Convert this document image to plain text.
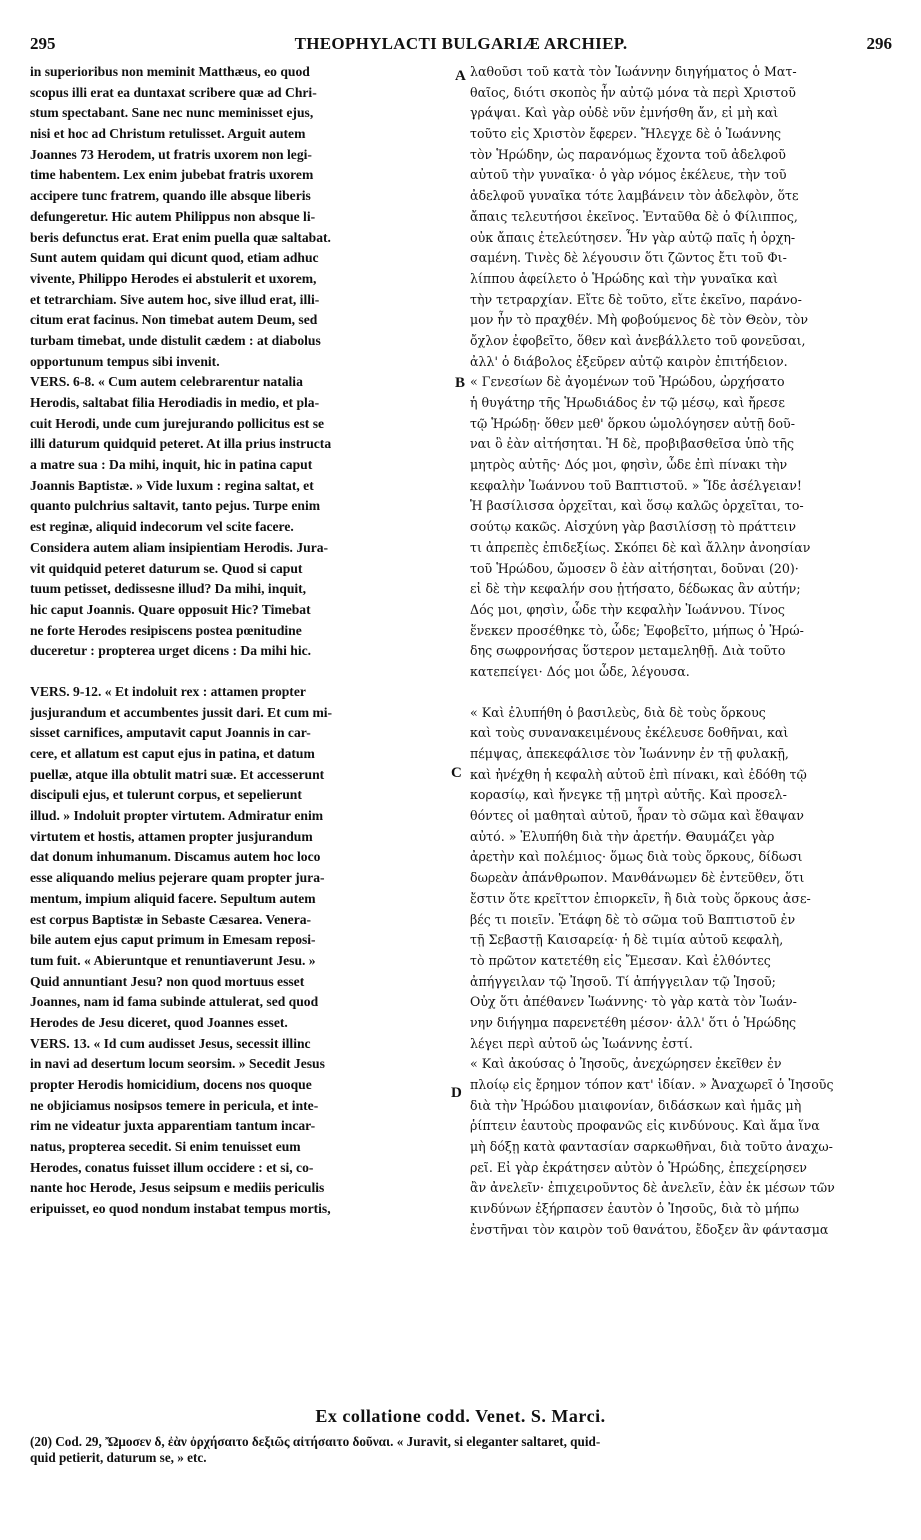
295	THEOPHYLACTI BULGARIÆ ARCHIEP.	296
A
B
C
D
in superioribus non meminit Matthæus, eo quod
scopus illi erat ea duntaxat scribere quæ ad Chri-
stum spectabant. Sane nec nunc meminisset ejus,
nisi et hoc ad Christum retulisset. Arguit autem
Joannes 73 Herodem, ut fratris uxorem non legi-
time habentem. Lex enim jubebat fratris uxorem
accipere tunc fratrem, quando ille absque liberis
defungeretur. Hic autem Philippus non absque li-
beris defunctus erat. Erat enim puella quæ saltabat.
Sunt autem quidam qui dicunt quod, etiam adhuc
vivente, Philippo Herodes ei abstulerit et uxorem,
et tetrarchiam. Sive autem hoc, sive illud erat, illi-
citum erat facinus. Non timebat autem Deum, sed
turbam timebat, unde distulit cædem : at diabolus
opportunum tempus sibi invenit.
VERS. 6-8. « Cum autem celebrarentur natalia
Herodis, saltabat filia Herodiadis in medio, et pla-
cuit Herodi, unde cum jurejurando pollicitus est se
illi daturum quidquid peteret. At illa prius instructa
a matre sua : Da mihi, inquit, hic in patina caput
Joannis Baptistæ. » Vide luxum : regina saltat, et
quanto pulchrius saltavit, tanto pejus. Turpe enim
est reginæ, aliquid indecorum vel scite facere.
Considera autem aliam insipientiam Herodis. Jura-
vit quidquid peteret daturum se. Quod si caput
tuum petisset, dedissesne illud? Da mihi, inquit,
hic caput Joannis. Quare opposuit Hic? Timebat
ne forte Herodes resipiscens postea pœnitudine
duceretur : propterea urget dicens : Da mihi hic.
VERS. 9-12. « Et indoluit rex : attamen propter
jusjurandum et accumbentes jussit dari. Et cum mi-
sisset carnifices, amputavit caput Joannis in car-
cere, et allatum est caput ejus in patina, et datum
puellæ, atque illa obtulit matri suæ. Et accesserunt
discipuli ejus, et tulerunt corpus, et sepelierunt
illud. » Indoluit propter virtutem. Admiratur enim
virtutem et hostis, attamen propter jusjurandum
dat donum inhumanum. Discamus autem hoc loco
esse aliquando melius pejerare quam propter jura-
mentum, impium aliquid facere. Sepultum autem
est corpus Baptistæ in Sebaste Cæsarea. Venera-
bile autem ejus caput primum in Emesam reposi-
tum fuit. « Abieruntque et renuntiaverunt Jesu. »
Quid annuntiant Jesu? non quod mortuus esset
Joannes, nam id fama subinde attulerat, sed quod
Herodes de Jesu diceret, quod Joannes esset.
VERS. 13. « Id cum audisset Jesus, secessit illinc
in navi ad desertum locum seorsim. » Secedit Jesus
propter Herodis homicidium, docens nos quoque
ne objiciamus nosipsos temere in pericula, et inte-
rim ne videatur juxta apparentiam tantum incar-
natus, propterea secedit. Si enim tenuisset eum
Herodes, conatus fuisset illum occidere : et si, co-
nante hoc Herode, Jesus seipsum e mediis periculis
eripuisset, eo quod nondum instabat tempus mortis,
λαθοῦσι τοῦ κατὰ τὸν Ἰωάννην διηγήματος ὁ Ματ-
θαῖος, διότι σκοπὸς ἦν αὐτῷ μόνα τὰ περὶ Χριστοῦ
γράψαι. Καὶ γὰρ οὐδὲ νῦν ἐμνήσθη ἄν, εἰ μὴ καὶ
τοῦτο εἰς Χριστὸν ἔφερεν. Ἤλεγχε δὲ ὁ Ἰωάννης
τὸν Ἡρώδην, ὡς παρανόμως ἔχοντα τοῦ ἀδελφοῦ
αὐτοῦ τὴν γυναῖκα· ὁ γὰρ νόμος ἐκέλευε, τὴν τοῦ
ἀδελφοῦ γυναῖκα τότε λαμβάνειν τὸν ἀδελφὸν, ὅτε
ἄπαις τελευτήσοι ἐκεῖνος. Ἐνταῦθα δὲ ὁ Φίλιππος,
οὐκ ἄπαις ἐτελεύτησεν. Ἦν γὰρ αὐτῷ παῖς ἡ ὀρχη-
σαμένη. Τινὲς δὲ λέγουσιν ὅτι ζῶντος ἔτι τοῦ Φι-
λίππου ἀφείλετο ὁ Ἡρώδης καὶ τὴν γυναῖκα καὶ
τὴν τετραρχίαν. Εἴτε δὲ τοῦτο, εἴτε ἐκεῖνο, παράνο-
μον ἦν τὸ πραχθέν. Μὴ φοβούμενος δὲ τὸν Θεὸν, τὸν
ὄχλον ἐφοβεῖτο, ὅθεν καὶ ἀνεβάλλετο τοῦ φονεῦσαι,
ἀλλ' ὁ διάβολος ἐξεῦρεν αὐτῷ καιρὸν ἐπιτήδειον.
« Γενεσίων δὲ ἀγομένων τοῦ Ἡρώδου, ὠρχήσατο
ἡ θυγάτηρ τῆς Ἡρωδιάδος ἐν τῷ μέσῳ, καὶ ἤρεσε
τῷ Ἡρώδῃ· ὅθεν μεθ' ὅρκου ὡμολόγησεν αὐτῇ δοῦ-
ναι ὃ ἐὰν αἰτήσηται. Ἡ δὲ, προβιβασθεῖσα ὑπὸ τῆς
μητρὸς αὐτῆς· Δός μοι, φησὶν, ὧδε ἐπὶ πίνακι τὴν
κεφαλὴν Ἰωάννου τοῦ Βαπτιστοῦ. » Ἴδε ἀσέλγειαν!
Ἡ βασίλισσα ὀρχεῖται, καὶ ὅσῳ καλῶς ὀρχεῖται, το-
σούτῳ κακῶς. Αἰσχύνη γὰρ βασιλίσσῃ τὸ πράττειν
τι ἀπρεπὲς ἐπιδεξίως. Σκόπει δὲ καὶ ἄλλην ἀνοησίαν
τοῦ Ἡρώδου, ὤμοσεν ὃ ἐὰν αἰτήσηται, δοῦναι (20)·
εἰ δὲ τὴν κεφαλήν σου ᾐτήσατο, δέδωκας ἂν αὐτήν;
Δός μοι, φησὶν, ὧδε τὴν κεφαλὴν Ἰωάννου. Τίνος
ἕνεκεν προσέθηκε τὸ, ὧδε; Ἐφοβεῖτο, μήπως ὁ Ἡρώ-
δης σωφρονήσας ὕστερον μεταμεληθῇ. Διὰ τοῦτο
κατεπείγει· Δός μοι ὧδε, λέγουσα.
« Καὶ ἐλυπήθη ὁ βασιλεὺς, διὰ δὲ τοὺς ὅρκους
καὶ τοὺς συνανακειμένους ἐκέλευσε δοθῆναι, καὶ
πέμψας, ἀπεκεφάλισε τὸν Ἰωάννην ἐν τῇ φυλακῇ,
καὶ ἠνέχθη ἡ κεφαλὴ αὐτοῦ ἐπὶ πίνακι, καὶ ἐδόθη τῷ
κορασίῳ, καὶ ἤνεγκε τῇ μητρὶ αὐτῆς. Καὶ προσελ-
θόντες οἱ μαθηταὶ αὐτοῦ, ἦραν τὸ σῶμα καὶ ἔθαψαν
αὐτό. » Ἐλυπήθη διὰ τὴν ἀρετήν. Θαυμάζει γὰρ
ἀρετὴν καὶ πολέμιος· ὅμως διὰ τοὺς ὅρκους, δίδωσι
δωρεὰν ἀπάνθρωπον. Μανθάνωμεν δὲ ἐντεῦθεν, ὅτι
ἔστιν ὅτε κρεῖττον ἐπιορκεῖν, ἢ διὰ τοὺς ὅρκους ἀσε-
βές τι ποιεῖν. Ἐτάφη δὲ τὸ σῶμα τοῦ Βαπτιστοῦ ἐν
τῇ Σεβαστῇ Καισαρείᾳ· ἡ δὲ τιμία αὐτοῦ κεφαλὴ,
τὸ πρῶτον κατετέθη εἰς Ἔμεσαν. Καὶ ἐλθόντες
ἀπήγγειλαν τῷ Ἰησοῦ. Τί ἀπήγγειλαν τῷ Ἰησοῦ;
Οὐχ ὅτι ἀπέθανεν Ἰωάννης· τὸ γὰρ κατὰ τὸν Ἰωάν-
νην διήγημα παρενετέθη μέσον· ἀλλ' ὅτι ὁ Ἡρώδης
λέγει περὶ αὐτοῦ ὡς Ἰωάννης ἐστί.
« Καὶ ἀκούσας ὁ Ἰησοῦς, ἀνεχώρησεν ἐκεῖθεν ἐν
πλοίῳ εἰς ἔρημον τόπον κατ' ἰδίαν. » Ἀναχωρεῖ ὁ Ἰησοῦς
διὰ τὴν Ἡρώδου μιαιφονίαν, διδάσκων καὶ ἡμᾶς μὴ
ῥίπτειν ἑαυτοὺς προφανῶς εἰς κινδύνους. Καὶ ἅμα ἵνα
μὴ δόξῃ κατὰ φαντασίαν σαρκωθῆναι, διὰ τοῦτο ἀναχω-
ρεῖ. Εἰ γὰρ ἐκράτησεν αὐτὸν ὁ Ἡρώδης, ἐπεχείρησεν
ἂν ἀνελεῖν· ἐπιχειροῦντος δὲ ἀνελεῖν, ἐὰν ἐκ μέσων τῶν
κινδύνων ἐξήρπασεν ἑαυτὸν ὁ Ἰησοῦς, διὰ τὸ μήπω
ἐνστῆναι τὸν καιρὸν τοῦ θανάτου, ἔδοξεν ἂν φάντασμα
Ex collatione codd. Venet. S. Marci.
(20) Cod. 29, Ὤμοσεν δ, ἐὰν ὀρχήσαιτο δεξιῶς αἰτήσαιτο δοῦναι. « Juravit, si eleganter saltaret, quid-
quid petierit, daturum se, » etc.
